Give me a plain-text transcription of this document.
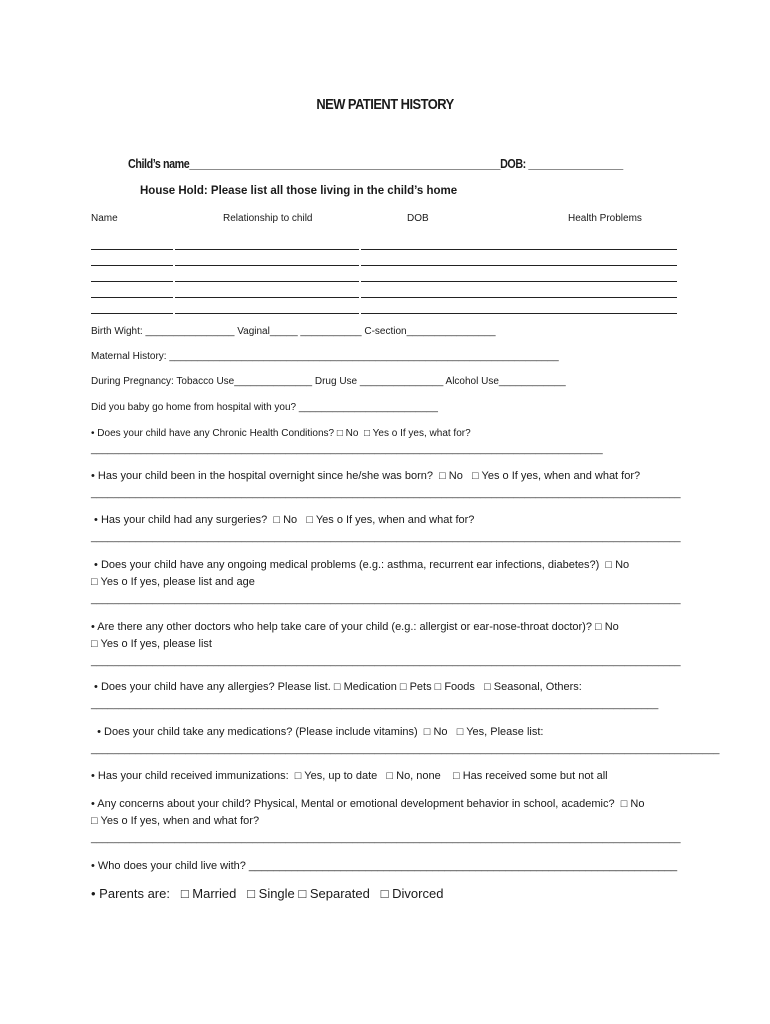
NEW PATIENT HISTORY
Child’s name________________________________________________________DOB: _________________
House Hold: Please list all those living in the child’s home
Name	Relationship to child	DOB	Health Problems
Birth Wight: ________________ Vaginal_____ ___________ C-section________________
Maternal History: ______________________________________________________________________
During Pregnancy: Tobacco Use______________ Drug Use _______________ Alcohol Use____________
Did you baby go home from hospital with you? _________________________
• Does your child have any Chronic Health Conditions? □ No  □ Yes o If yes, what for?
____________________________________________________________________________________________
• Has your child been in the hospital overnight since he/she was born?  □ No   □ Yes o If yes, when and what for?
__________________________________________________________________________________________________________
• Has your child had any surgeries?  □ No   □ Yes o If yes, when and what for?
__________________________________________________________________________________________________________
• Does your child have any ongoing medical problems (e.g.: asthma, recurrent ear infections, diabetes?)  □ No
□ Yes o If yes, please list and age
__________________________________________________________________________________________________________
• Are there any other doctors who help take care of your child (e.g.: allergist or ear-nose-throat doctor)? □ No
□ Yes o If yes, please list
__________________________________________________________________________________________________________
• Does your child have any allergies? Please list. □ Medication □ Pets □ Foods   □ Seasonal, Others:
______________________________________________________________________________________________________
• Does your child take any medications? (Please include vitamins)  □ No   □ Yes, Please list:
_________________________________________________________________________________________________________________
• Has your child received immunizations:  □ Yes, up to date   □ No, none    □ Has received some but not all
• Any concerns about your child? Physical, Mental or emotional development behavior in school, academic?  □ No
□ Yes o If yes, when and what for?
__________________________________________________________________________________________________________
• Who does your child live with? ______________________________________________________________________
• Parents are:   □ Married   □ Single □ Separated   □ Divorced
